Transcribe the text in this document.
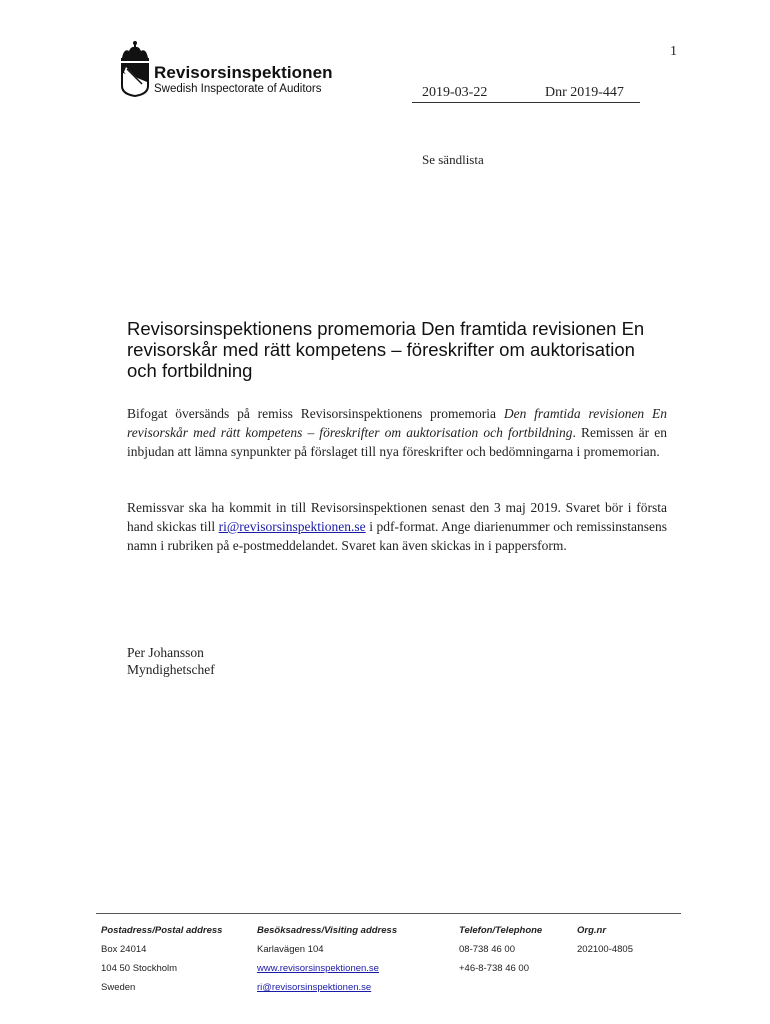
1
Revisorsinspektionen
Swedish Inspectorate of Auditors	2019-03-22	Dnr 2019-447
Se sändlista
Revisorsinspektionens promemoria Den framtida revisionen En revisorskår med rätt kompetens – föreskrifter om auktorisation och fortbildning
Bifogat översänds på remiss Revisorsinspektionens promemoria Den framtida revisionen En revisorskår med rätt kompetens – föreskrifter om auktorisation och fortbildning. Remissen är en inbjudan att lämna synpunkter på förslaget till nya föreskrifter och bedömningarna i promemorian.
Remissvar ska ha kommit in till Revisorsinspektionen senast den 3 maj 2019. Svaret bör i första hand skickas till ri@revisorsinspektionen.se i pdf-format. Ange diarienummer och remissinstansens namn i rubriken på e-postmeddelandet. Svaret kan även skickas in i pappersform.
Per Johansson
Myndighetschef
Postadress/Postal address
Box 24014
104 50 Stockholm
Sweden
Besöksadress/Visiting address
Karlavägen 104
www.revisorsinspektionen.se
ri@revisorsinspektionen.se
Telefon/Telephone
08-738 46 00
+46-8-738 46 00
Org.nr
202100-4805
